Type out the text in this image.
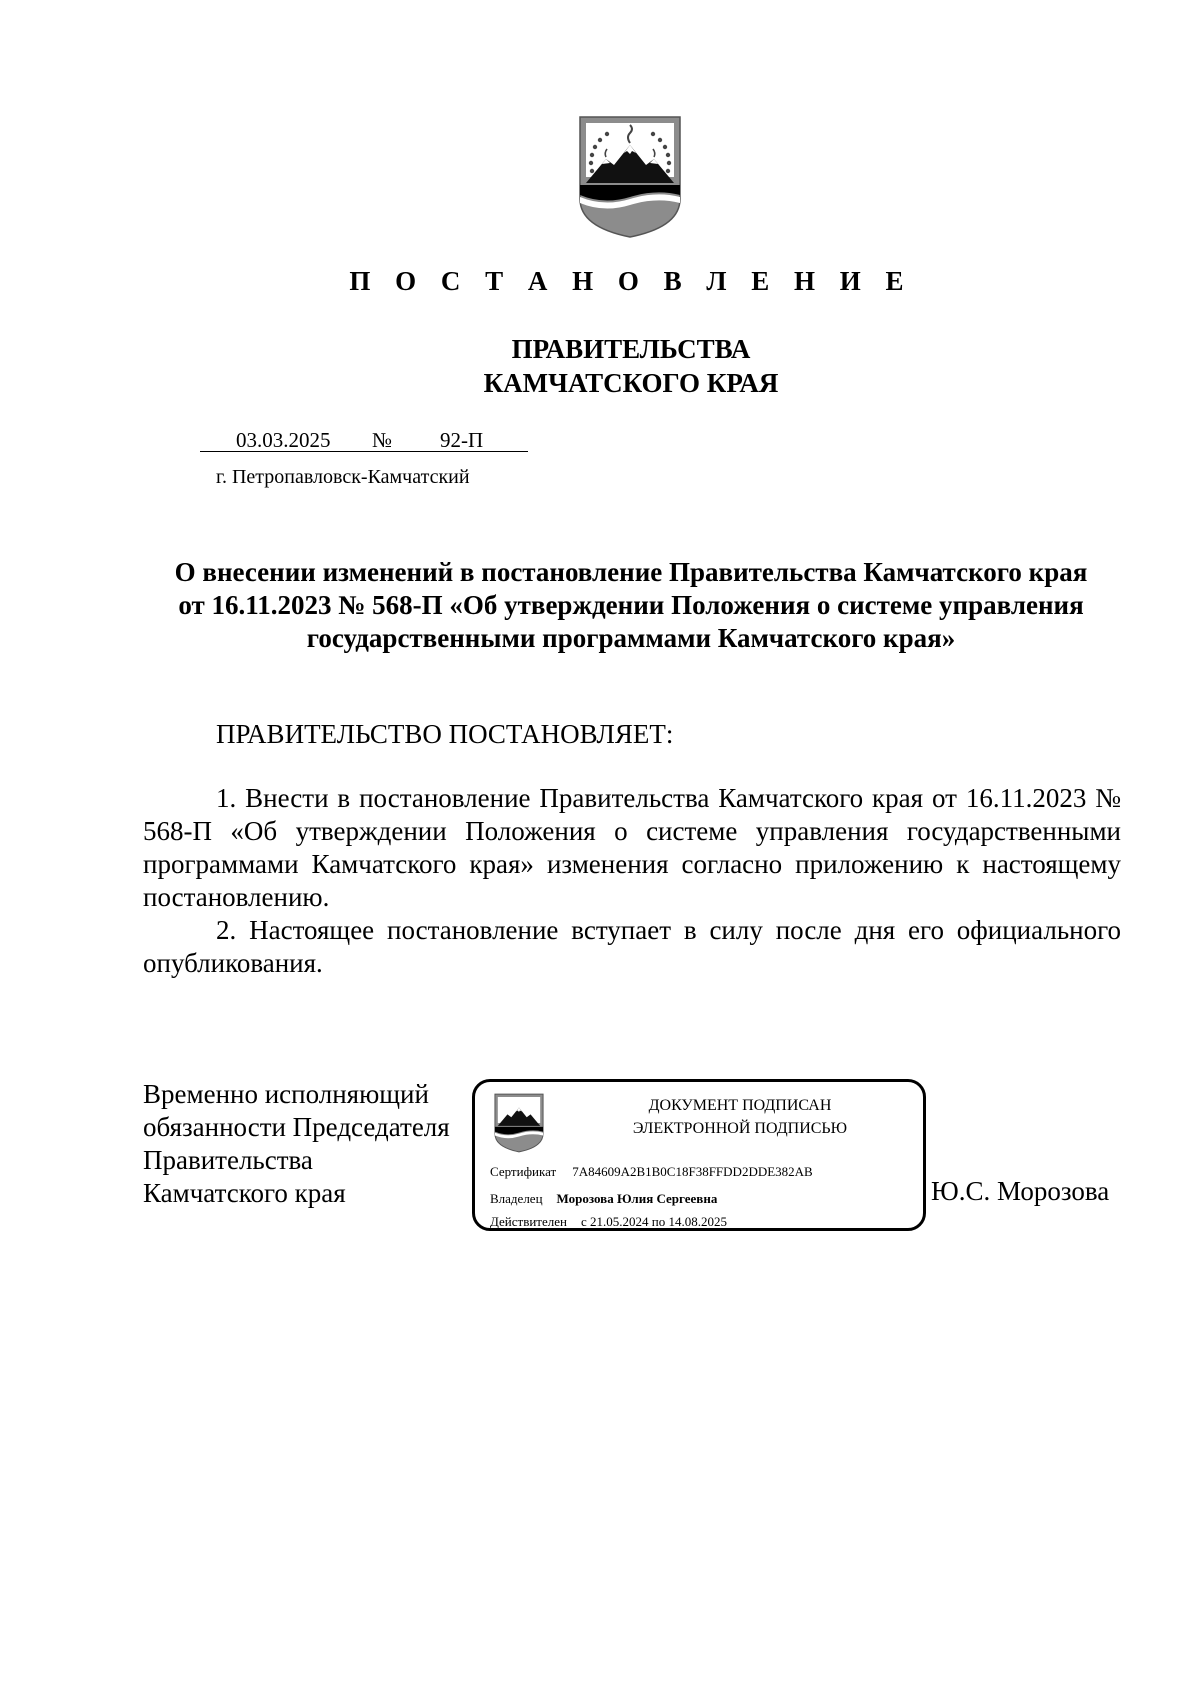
П О С Т А Н О В Л Е Н И Е
ПРАВИТЕЛЬСТВА
КАМЧАТСКОГО КРАЯ
03.03.2025 № 92-П
г. Петропавловск-Камчатский
О внесении изменений в постановление Правительства Камчатского края
от 16.11.2023 № 568-П «Об утверждении Положения о системе управления
государственными программами Камчатского края»
ПРАВИТЕЛЬСТВО ПОСТАНОВЛЯЕТ:

1. Внести в постановление Правительства Камчатского края от 16.11.2023 № 568-П «Об утверждении Положения о системе управления государственными программами Камчатского края» изменения согласно приложению к настоящему постановлению.

2. Настоящее постановление вступает в силу после дня его официального опубликования.

Временно исполняющий
обязанности Председателя
Правительства
Камчатского края
ДОКУМЕНТ ПОДПИСАН
ЭЛЕКТРОННОЙ ПОДПИСЬЮ
Сертификат 7A84609A2B1B0C18F38FFDD2DDE382AB
Владелец Морозова Юлия Сергеевна
Действителен с 21.05.2024 по 14.08.2025
Ю.С. Морозова
